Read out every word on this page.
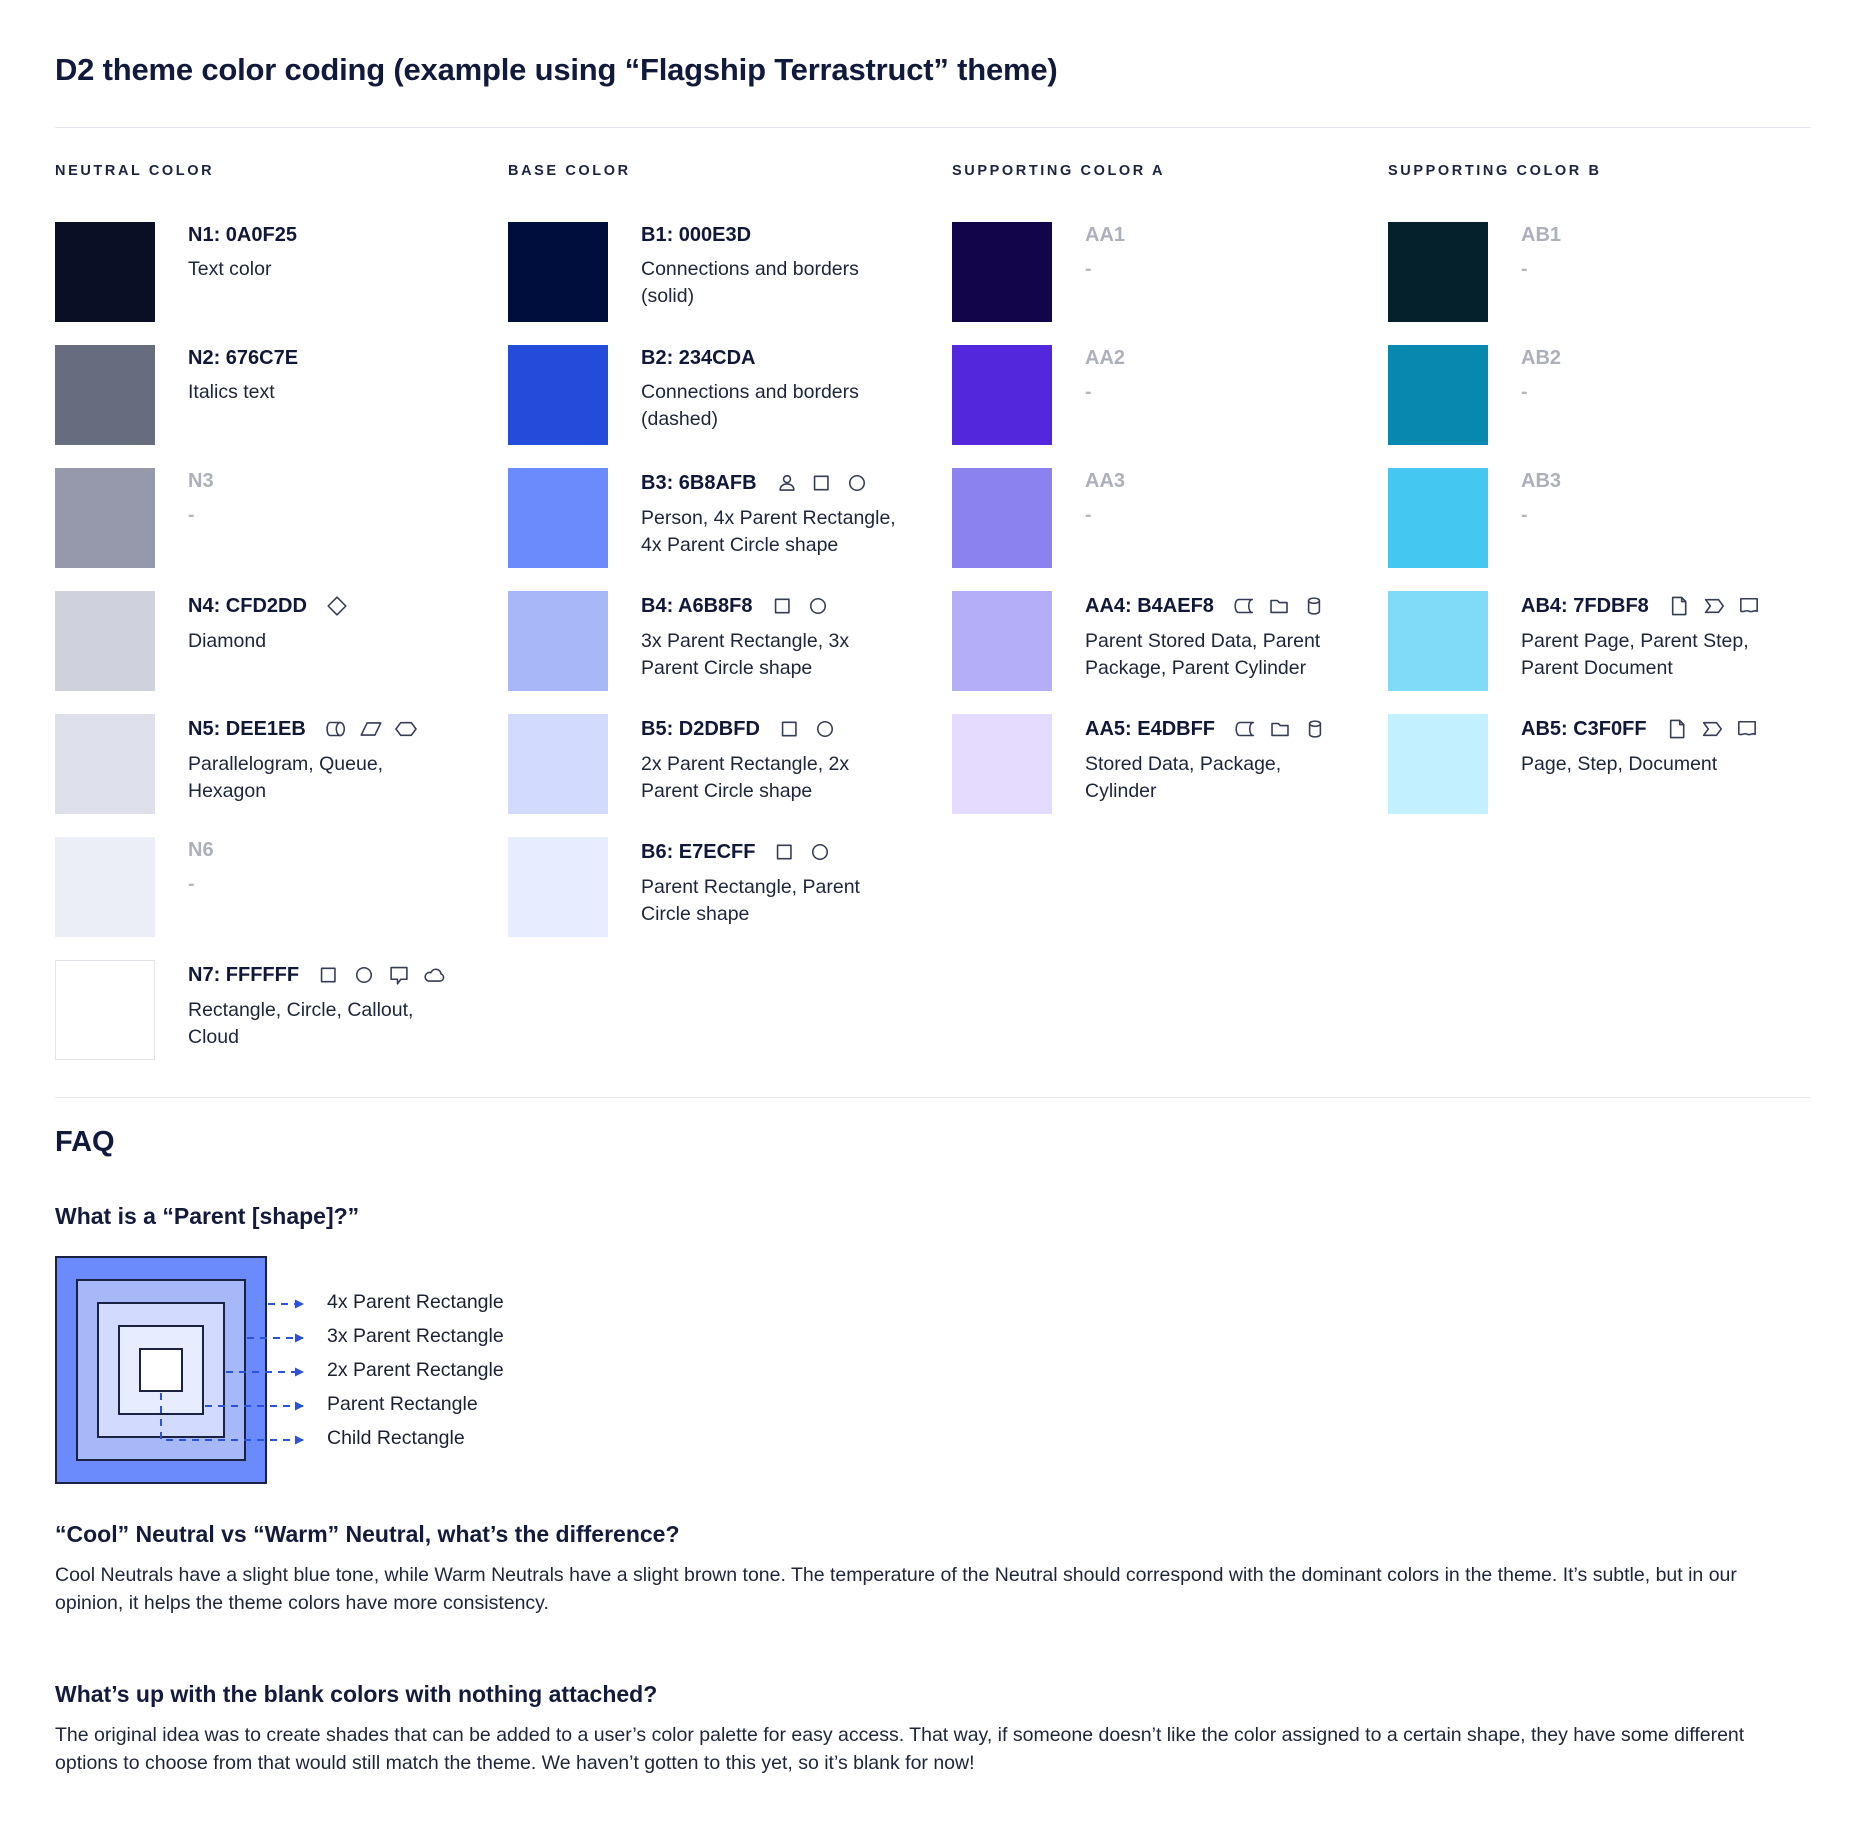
D2 theme color coding (example using “Flagship Terrastruct” theme)
NEUTRAL COLOR
N1: 0A0F25
Text color
N2: 676C7E
Italics text
N3
-
N4: CFD2DD
Diamond
N5: DEE1EB
Parallelogram, Queue, Hexagon
N6
-
N7: FFFFFF
Rectangle, Circle, Callout, Cloud
BASE COLOR
B1: 000E3D
Connections and borders (solid)
B2: 234CDA
Connections and borders (dashed)
B3: 6B8AFB
Person, 4x Parent Rectangle, 4x Parent Circle shape
B4: A6B8F8
3x Parent Rectangle, 3x Parent Circle shape
B5: D2DBFD
2x Parent Rectangle, 2x Parent Circle shape
B6: E7ECFF
Parent Rectangle, Parent Circle shape
SUPPORTING COLOR A
AA1
-
AA2
-
AA3
-
AA4: B4AEF8
Parent Stored Data, Parent Package, Parent Cylinder
AA5: E4DBFF
Stored Data, Package, Cylinder
SUPPORTING COLOR B
AB1
-
AB2
-
AB3
-
AB4: 7FDBF8
Parent Page, Parent Step, Parent Document
AB5: C3F0FF
Page, Step, Document
FAQ
What is a “Parent [shape]?”
4x Parent Rectangle
3x Parent Rectangle
2x Parent Rectangle
Parent Rectangle
Child Rectangle
“Cool” Neutral vs “Warm” Neutral, what’s the difference?
Cool Neutrals have a slight blue tone, while Warm Neutrals have a slight brown tone. The temperature of the Neutral should correspond with the dominant colors in the theme. It’s subtle, but in our opinion, it helps the theme colors have more consistency.
What’s up with the blank colors with nothing attached?
The original idea was to create shades that can be added to a user’s color palette for easy access. That way, if someone doesn’t like the color assigned to a certain shape, they have some different options to choose from that would still match the theme. We haven’t gotten to this yet, so it’s blank for now!
